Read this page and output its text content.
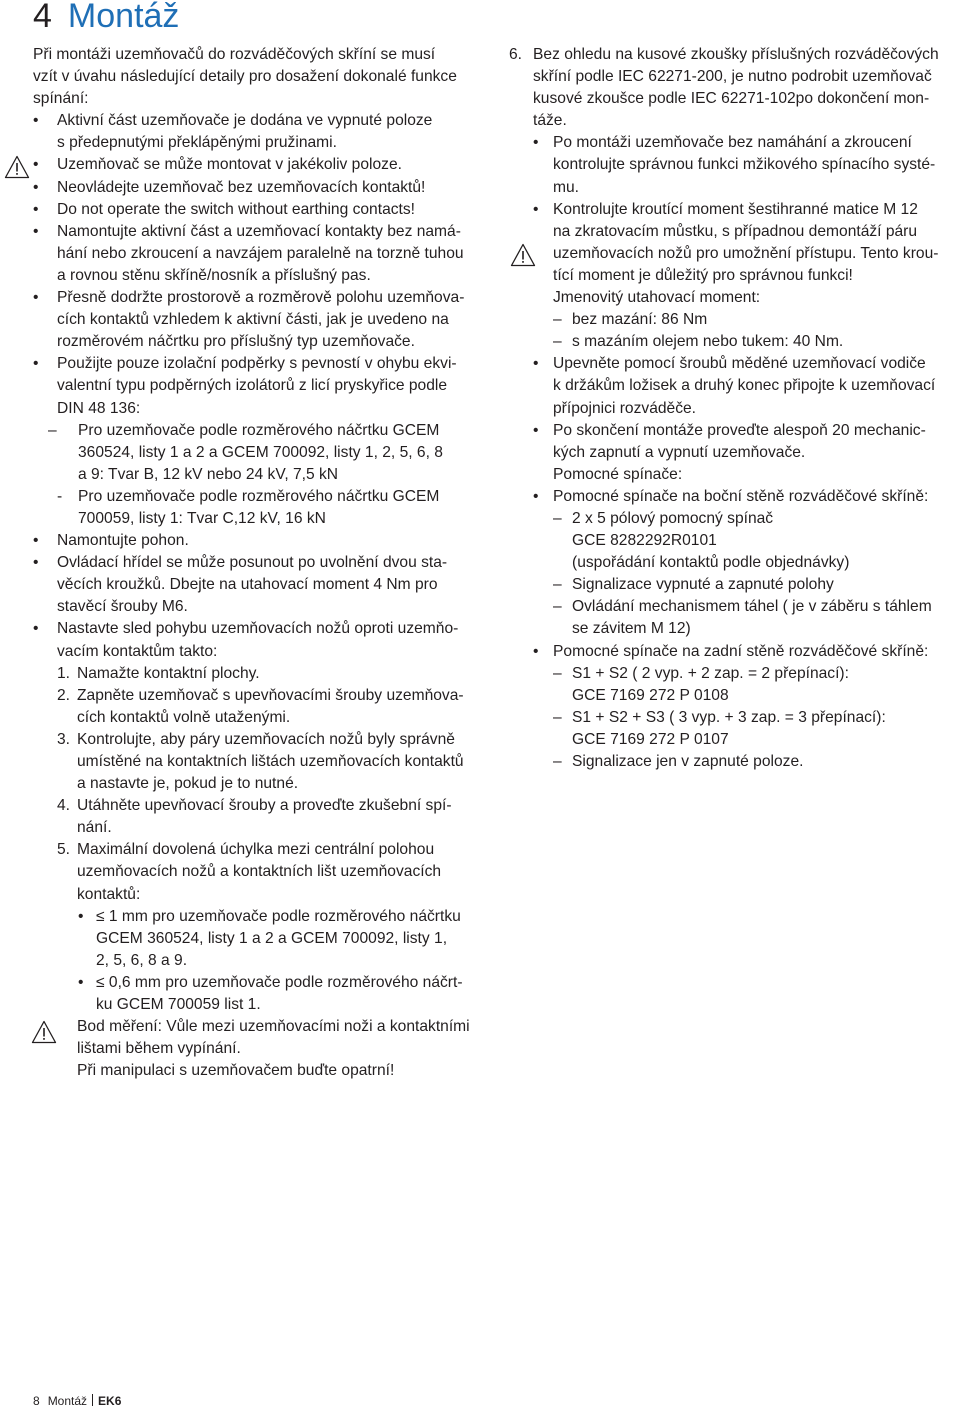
4 Montáž

Při montáži uzemňovačů do rozváděčových skříní se musí

vzít v úvahu následující detaily pro dosažení dokonalé funkce

spínání:

• Aktivní část uzemňovače je dodána ve vypnuté poloze

s předepnutými překlápěnými pružinami.

• Uzemňovač se může montovat v jakékoliv poloze.

• Neovládejte uzemňovač bez uzemňovacích kontaktů!

• Do not operate the switch without earthing contacts!

• Namontujte aktivní část a uzemňovací kontakty bez namá-

hání nebo zkroucení a navzájem paralelně na torzně tuhou

a rovnou stěnu skříně/nosník a příslušný pas.

• Přesně dodržte prostorově a rozměrově polohu uzemňova-

cích kontaktů vzhledem k aktivní části, jak je uvedeno na

rozměrovém náčrtku pro příslušný typ uzemňovače.

• Použijte pouze izolační podpěrky s pevností v ohybu ekvi-

valentní typu podpěrných izolátorů z licí pryskyřice podle

DIN 48 136:

– Pro uzemňovače podle rozměrového náčrtku GCEM

360524, listy 1 a 2 a GCEM 700092, listy 1, 2, 5, 6, 8

a 9: Tvar B, 12 kV nebo 24 kV, 7,5 kN

- Pro uzemňovače podle rozměrového náčrtku GCEM

700059, listy 1: Tvar C,12 kV, 16 kN

• Namontujte pohon.

• Ovládací hřídel se může posunout po uvolnění dvou sta-

věcích kroužků. Dbejte na utahovací moment 4 Nm pro

stavěcí šrouby M6.

• Nastavte sled pohybu uzemňovacích nožů oproti uzemňo-

vacím kontaktům takto:

1. Namažte kontaktní plochy.

2. Zapněte uzemňovač s upevňovacími šrouby uzemňova-

cích kontaktů volně utaženými.

3. Kontrolujte, aby páry uzemňovacích nožů byly správně

umístěné na kontaktních lištách uzemňovacích kontaktů

a nastavte je, pokud je to nutné.

4. Utáhněte upevňovací šrouby a proveďte zkušební spí-

nání.

5. Maximální dovolená úchylka mezi centrální polohou

uzemňovacích nožů a kontaktních lišt uzemňovacích

kontaktů:

• ≤ 1 mm pro uzemňovače podle rozměrového náčrtku

GCEM 360524, listy 1 a 2 a GCEM 700092, listy 1,

2, 5, 6, 8 a 9.

• ≤ 0,6 mm pro uzemňovače podle rozměrového náčrt-

ku GCEM 700059 list 1.

Bod měření: Vůle mezi uzemňovacími noži a kontaktními

lištami během vypínání.

Při manipulaci s uzemňovačem buďte opatrní!

6. Bez ohledu na kusové zkoušky příslušných rozváděčových

skříní podle IEC 62271-200, je nutno podrobit uzemňovač

kusové zkoušce podle IEC 62271-102po dokončení mon-

táže.

• Po montáži uzemňovače bez namáhání a zkroucení

kontrolujte správnou funkci mžikového spínacího systé-

mu.

• Kontrolujte kroutící moment šestihranné matice M 12

na zkratovacím můstku, s případnou demontáží páru

uzemňovacích nožů pro umožnění přístupu. Tento krou-

tící moment je důležitý pro správnou funkci!

Jmenovitý utahovací moment:

– bez mazání: 86 Nm

– s mazáním olejem nebo tukem: 40 Nm.

• Upevněte pomocí šroubů měděné uzemňovací vodiče

k držákům ložisek a druhý konec připojte k uzemňovací

přípojnici rozváděče.

• Po skončení montáže proveďte alespoň 20 mechanic-

kých zapnutí a vypnutí uzemňovače.

Pomocné spínače:

• Pomocné spínače na boční stěně rozváděčové skříně:

– 2 x 5 pólový pomocný spínač

GCE 8282292R0101

(uspořádání kontaktů podle objednávky)

– Signalizace vypnuté a zapnuté polohy

– Ovládání mechanismem táhel ( je v záběru s táhlem

se závitem M 12)

• Pomocné spínače na zadní stěně rozváděčové skříně:

– S1 + S2 ( 2 vyp. + 2 zap. = 2 přepínací):

GCE 7169 272 P 0108

– S1 + S2 + S3 ( 3 vyp. + 3 zap. = 3 přepínací):

GCE 7169 272 P 0107

– Signalizace jen v zapnuté poloze.

8 Montáž EK6
